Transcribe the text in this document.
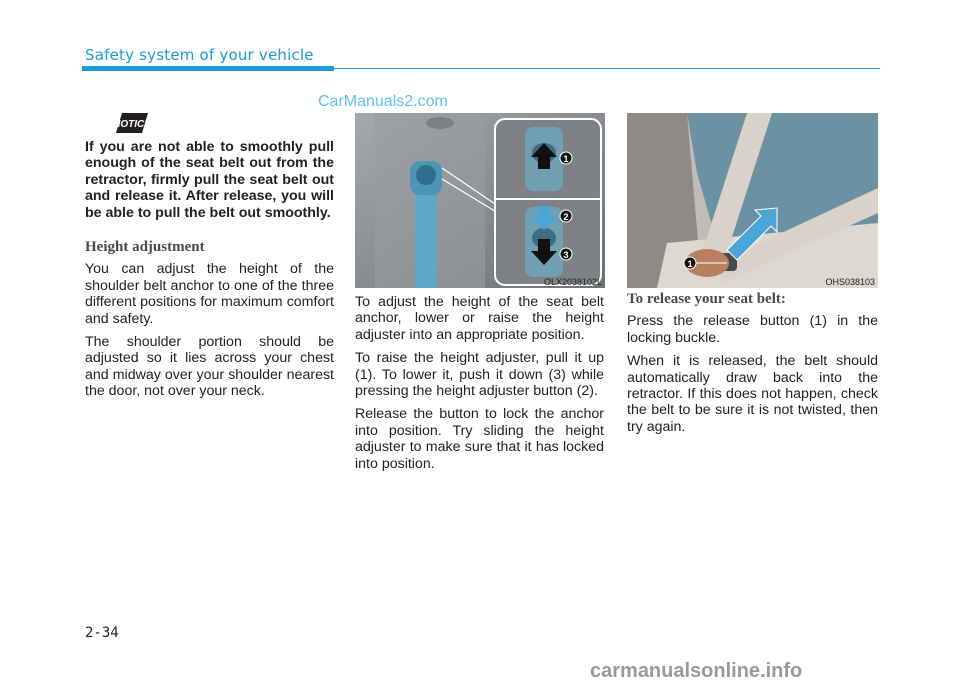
Safety system of your vehicle
CarManuals2.com
NOTICE

If you are not able to smoothly pull enough of the seat belt out from the retractor, firmly pull the seat belt out and release it. After release, you will be able to pull the belt out smoothly.

Height adjustment

You can adjust the height of the shoulder belt anchor to one of the three different positions for maximum comfort and safety.

The shoulder portion should be adjusted so it lies across your chest and midway over your shoulder nearest the door, not over your neck.

1
2
3
OLX2038102L

To adjust the height of the seat belt anchor, lower or raise the height adjuster into an appropriate position.

To raise the height adjuster, pull it up (1). To lower it, push it down (3) while pressing the height adjuster button (2).

Release the button to lock the anchor into position. Try sliding the height adjuster to make sure that it has locked into position.

1
OHS038103

To release your seat belt:

Press the release button (1) in the locking buckle.

When it is released, the belt should automatically draw back into the retractor. If this does not happen, check the belt to be sure it is not twisted, then try again.

2-34
carmanualsonline.info
